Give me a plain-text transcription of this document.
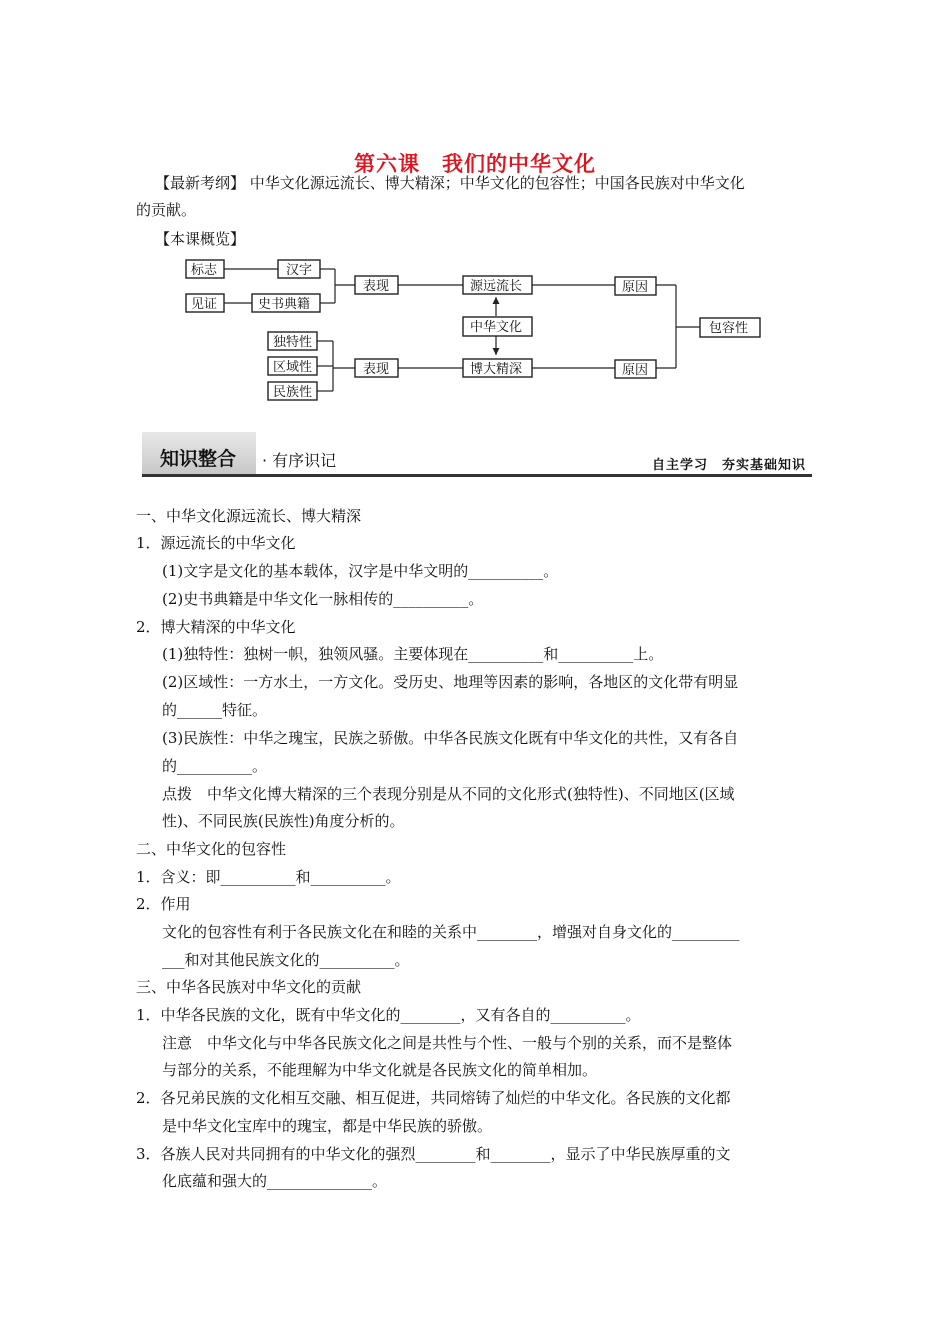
第六课　我们的中华文化
【最新考纲】 中华文化源远流长、博大精深；中华文化的包容性；中国各民族对中华文化
的贡献。
【本课概览】
标志
见证
汉字
史书典籍
表现	源远流长
中华文化
博大精深
原因
原因
包容性
独特性
区域性
民族性
表现
知识整合 · 有序识记	自主学习　夯实基础知识
一、中华文化源远流长、博大精深
1．源远流长的中华文化
(1)文字是文化的基本载体，汉字是中华文明的__________。
(2)史书典籍是中华文化一脉相传的__________。
2．博大精深的中华文化
(1)独特性：独树一帜，独领风骚。主要体现在__________和__________上。
(2)区域性：一方水土，一方文化。受历史、地理等因素的影响，各地区的文化带有明显
的______特征。
(3)民族性：中华之瑰宝，民族之骄傲。中华各民族文化既有中华文化的共性，又有各自
的__________。
点拨　中华文化博大精深的三个表现分别是从不同的文化形式(独特性)、不同地区(区域
性)、不同民族(民族性)角度分析的。
二、中华文化的包容性
1．含义：即__________和__________。
2．作用
文化的包容性有利于各民族文化在和睦的关系中________，增强对自身文化的_________
___和对其他民族文化的__________。
三、中华各民族对中华文化的贡献
1．中华各民族的文化，既有中华文化的________，又有各自的__________。
注意　中华文化与中华各民族文化之间是共性与个性、一般与个别的关系，而不是整体
与部分的关系，不能理解为中华文化就是各民族文化的简单相加。
2．各兄弟民族的文化相互交融、相互促进，共同熔铸了灿烂的中华文化。各民族的文化都
是中华文化宝库中的瑰宝，都是中华民族的骄傲。
3．各族人民对共同拥有的中华文化的强烈________和________，显示了中华民族厚重的文
化底蕴和强大的______________。
